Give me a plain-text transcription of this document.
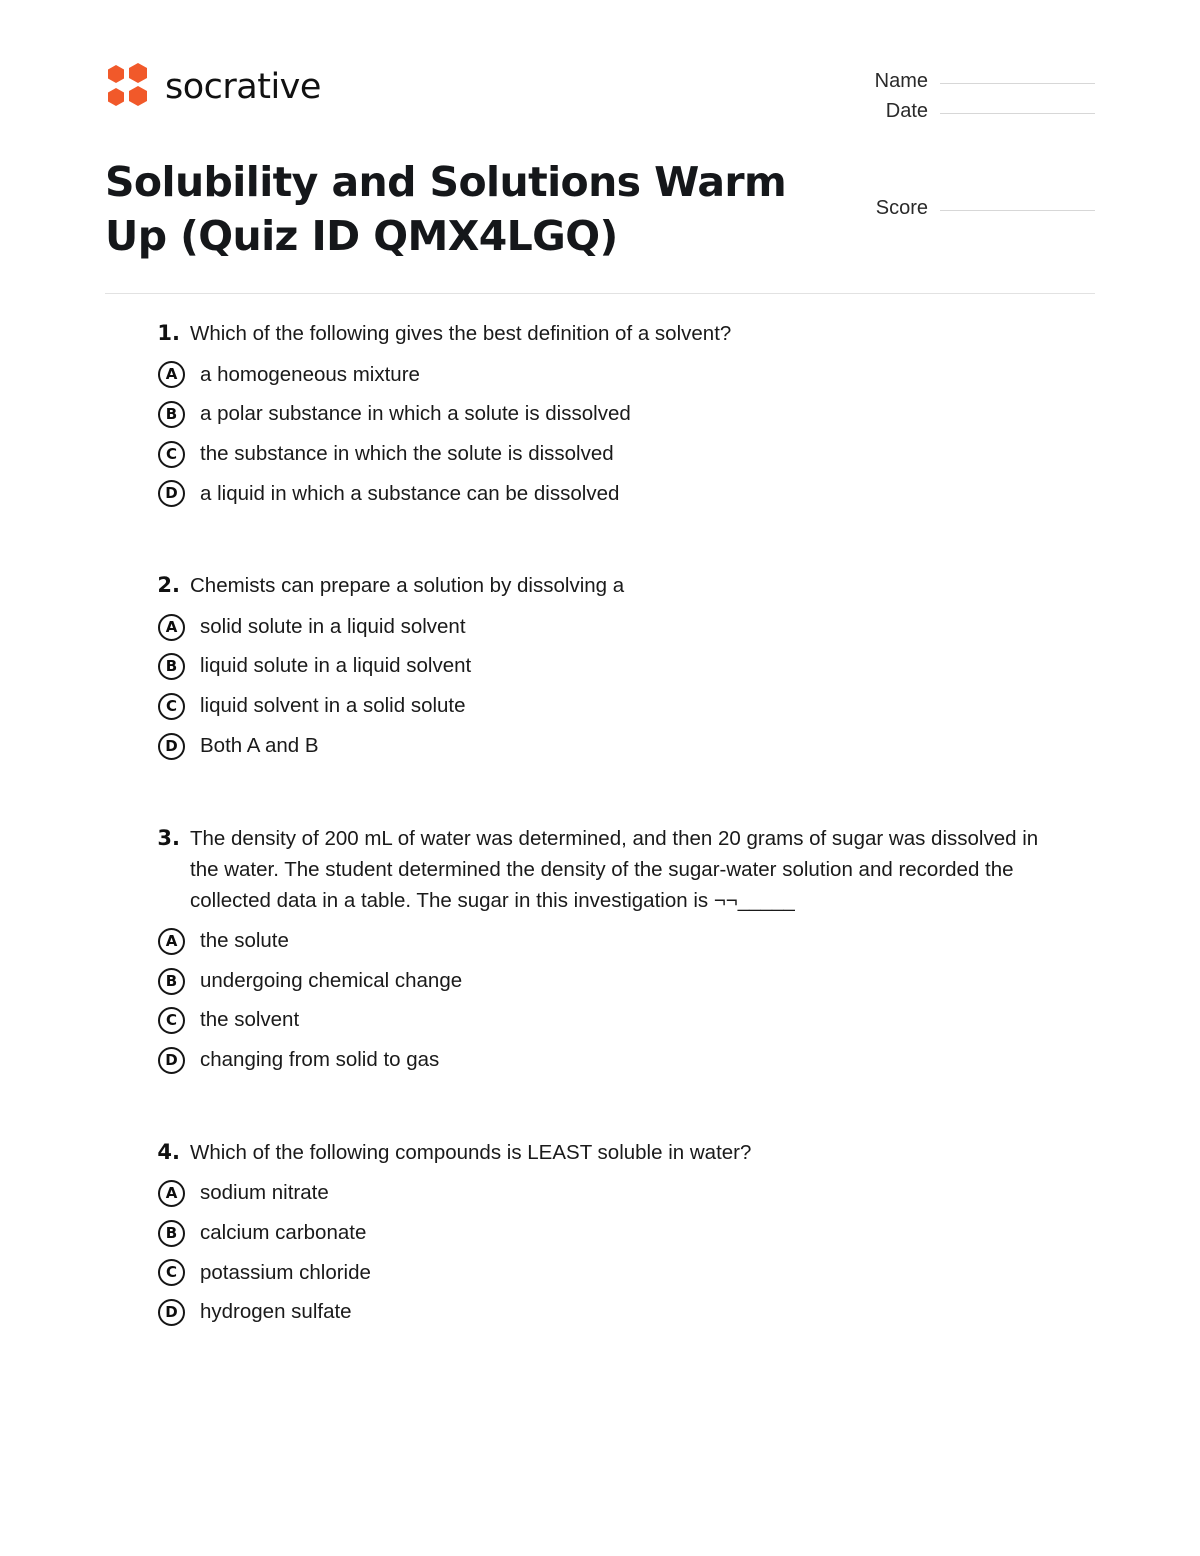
socrative	Name
Date
Score
Solubility and Solutions Warm Up (Quiz ID QMX4LGQ)
1. Which of the following gives the best definition of a solvent?
A	a homogeneous mixture
B	a polar substance in which a solute is dissolved
C	the substance in which the solute is dissolved
D	a liquid in which a substance can be dissolved
2. Chemists can prepare a solution by dissolving a
A	solid solute in a liquid solvent
B	liquid solute in a liquid solvent
C	liquid solvent in a solid solute
D	Both A and B
3. The density of 200 mL of water was determined, and then 20 grams of sugar was dissolved in the water. The student determined the density of the sugar-water solution and recorded the collected data in a table. The sugar in this investigation is ¬¬_____
A	the solute
B	undergoing chemical change
C	the solvent
D	changing from solid to gas
4. Which of the following compounds is LEAST soluble in water?
A	sodium nitrate
B	calcium carbonate
C	potassium chloride
D	hydrogen sulfate
